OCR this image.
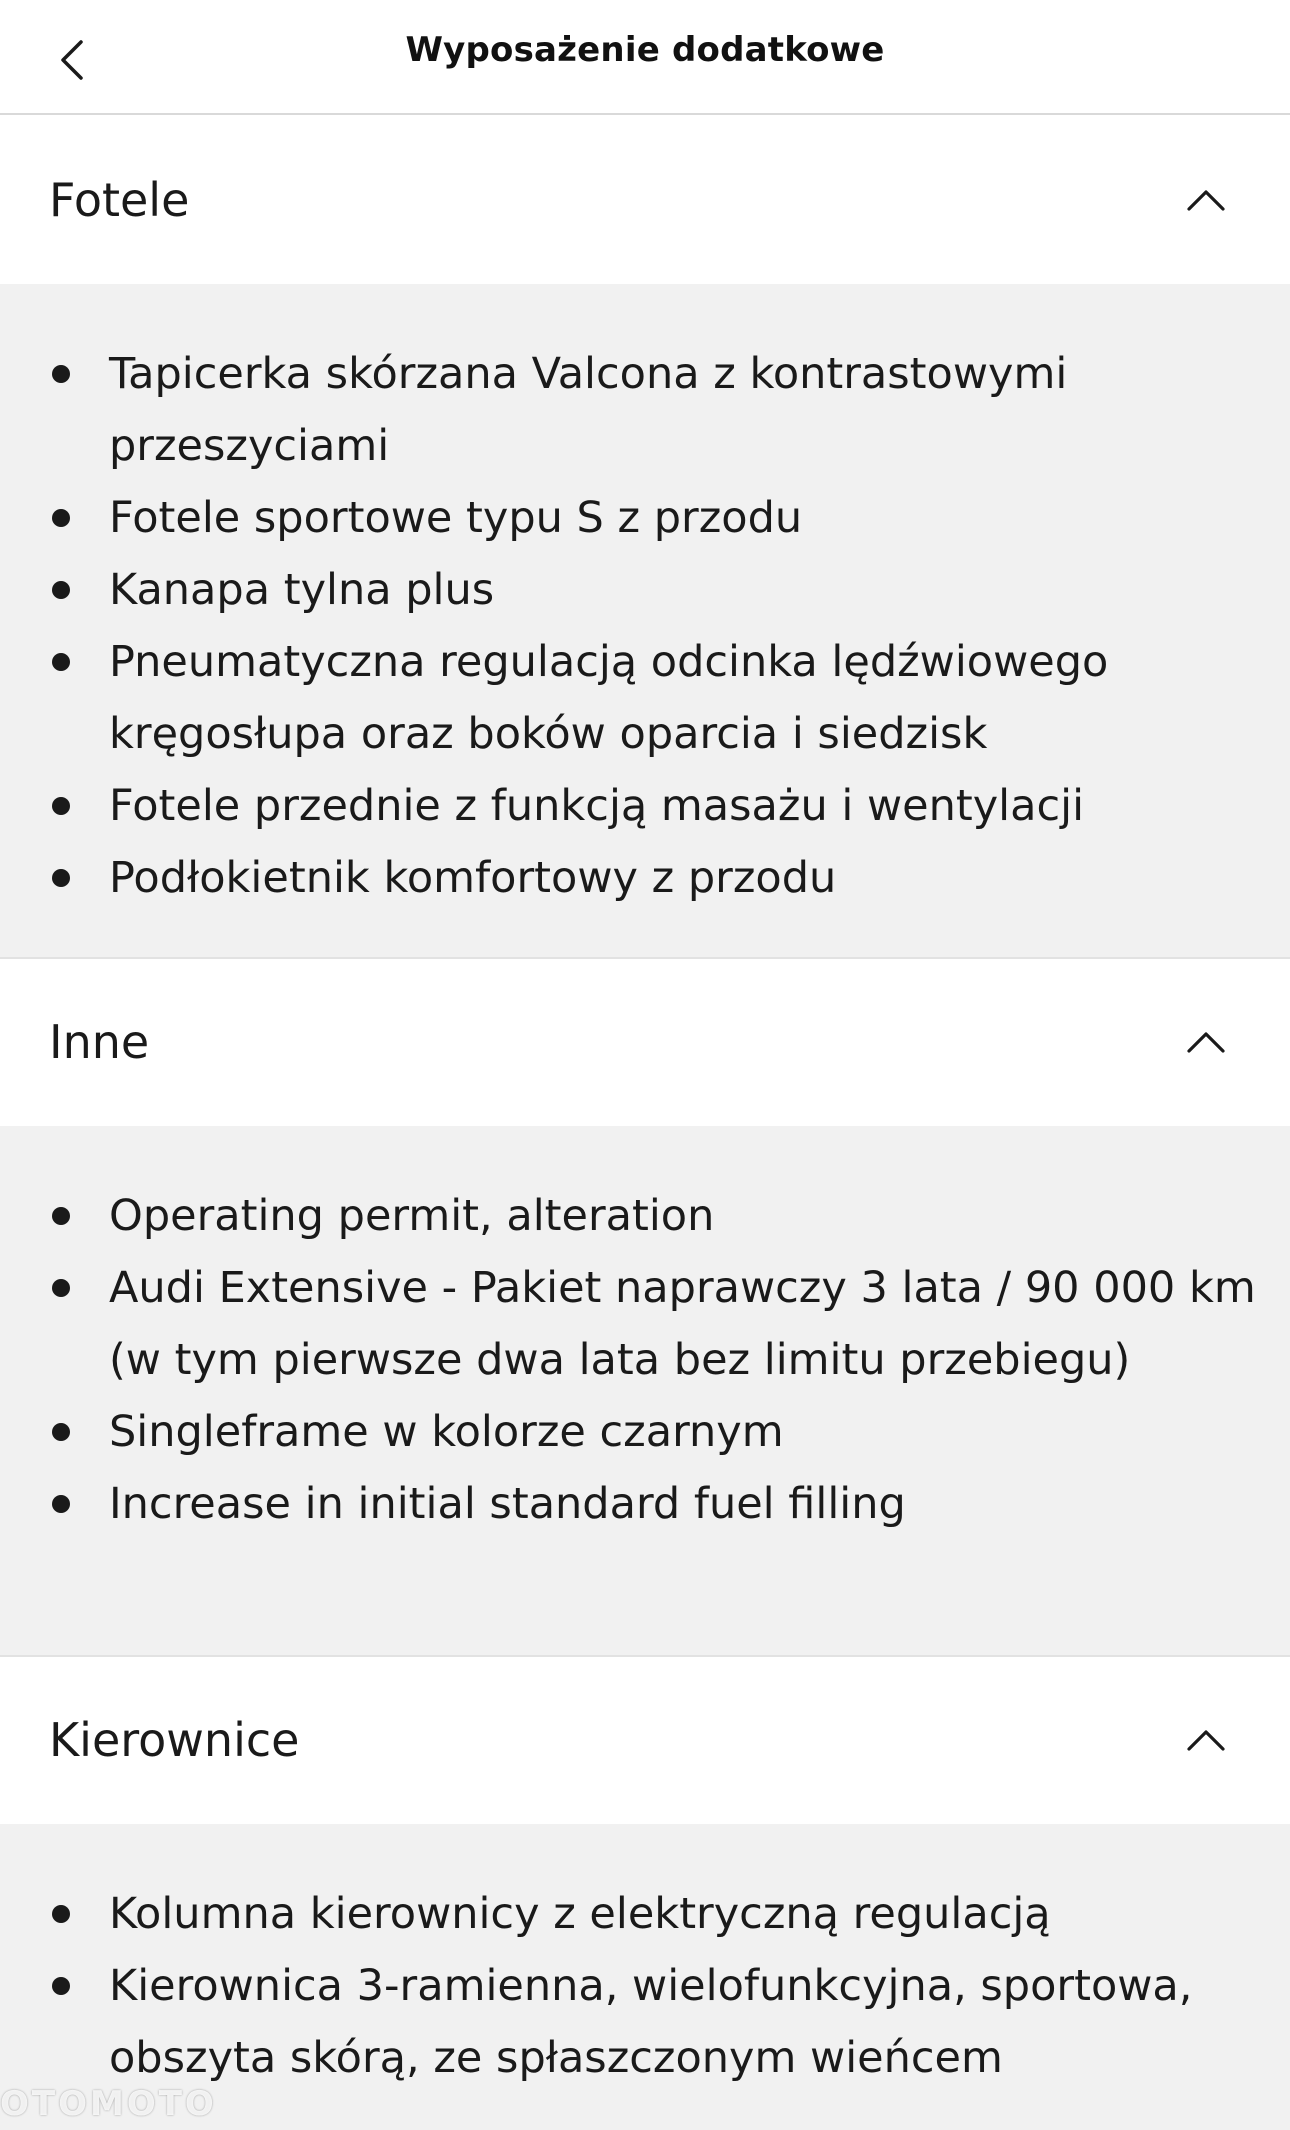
Wyposażenie dodatkowe
Fotele
Tapicerka skórzana Valcona z kontrastowymi przeszyciami
Fotele sportowe typu S z przodu
Kanapa tylna plus
Pneumatyczna regulacją odcinka lędźwiowego kręgosłupa oraz boków oparcia i siedzisk
Fotele przednie z funkcją masażu i wentylacji
Podłokietnik komfortowy z przodu
Inne
Operating permit, alteration
Audi Extensive - Pakiet naprawczy 3 lata / 90 000 km (w tym pierwsze dwa lata bez limitu przebiegu)
Singleframe w kolorze czarnym
Increase in initial standard fuel filling
Kierownice
Kolumna kierownicy z elektryczną regulacją
Kierownica 3-ramienna, wielofunkcyjna, sportowa, obszyta skórą, ze spłaszczonym wieńcem
OTOMOTO
